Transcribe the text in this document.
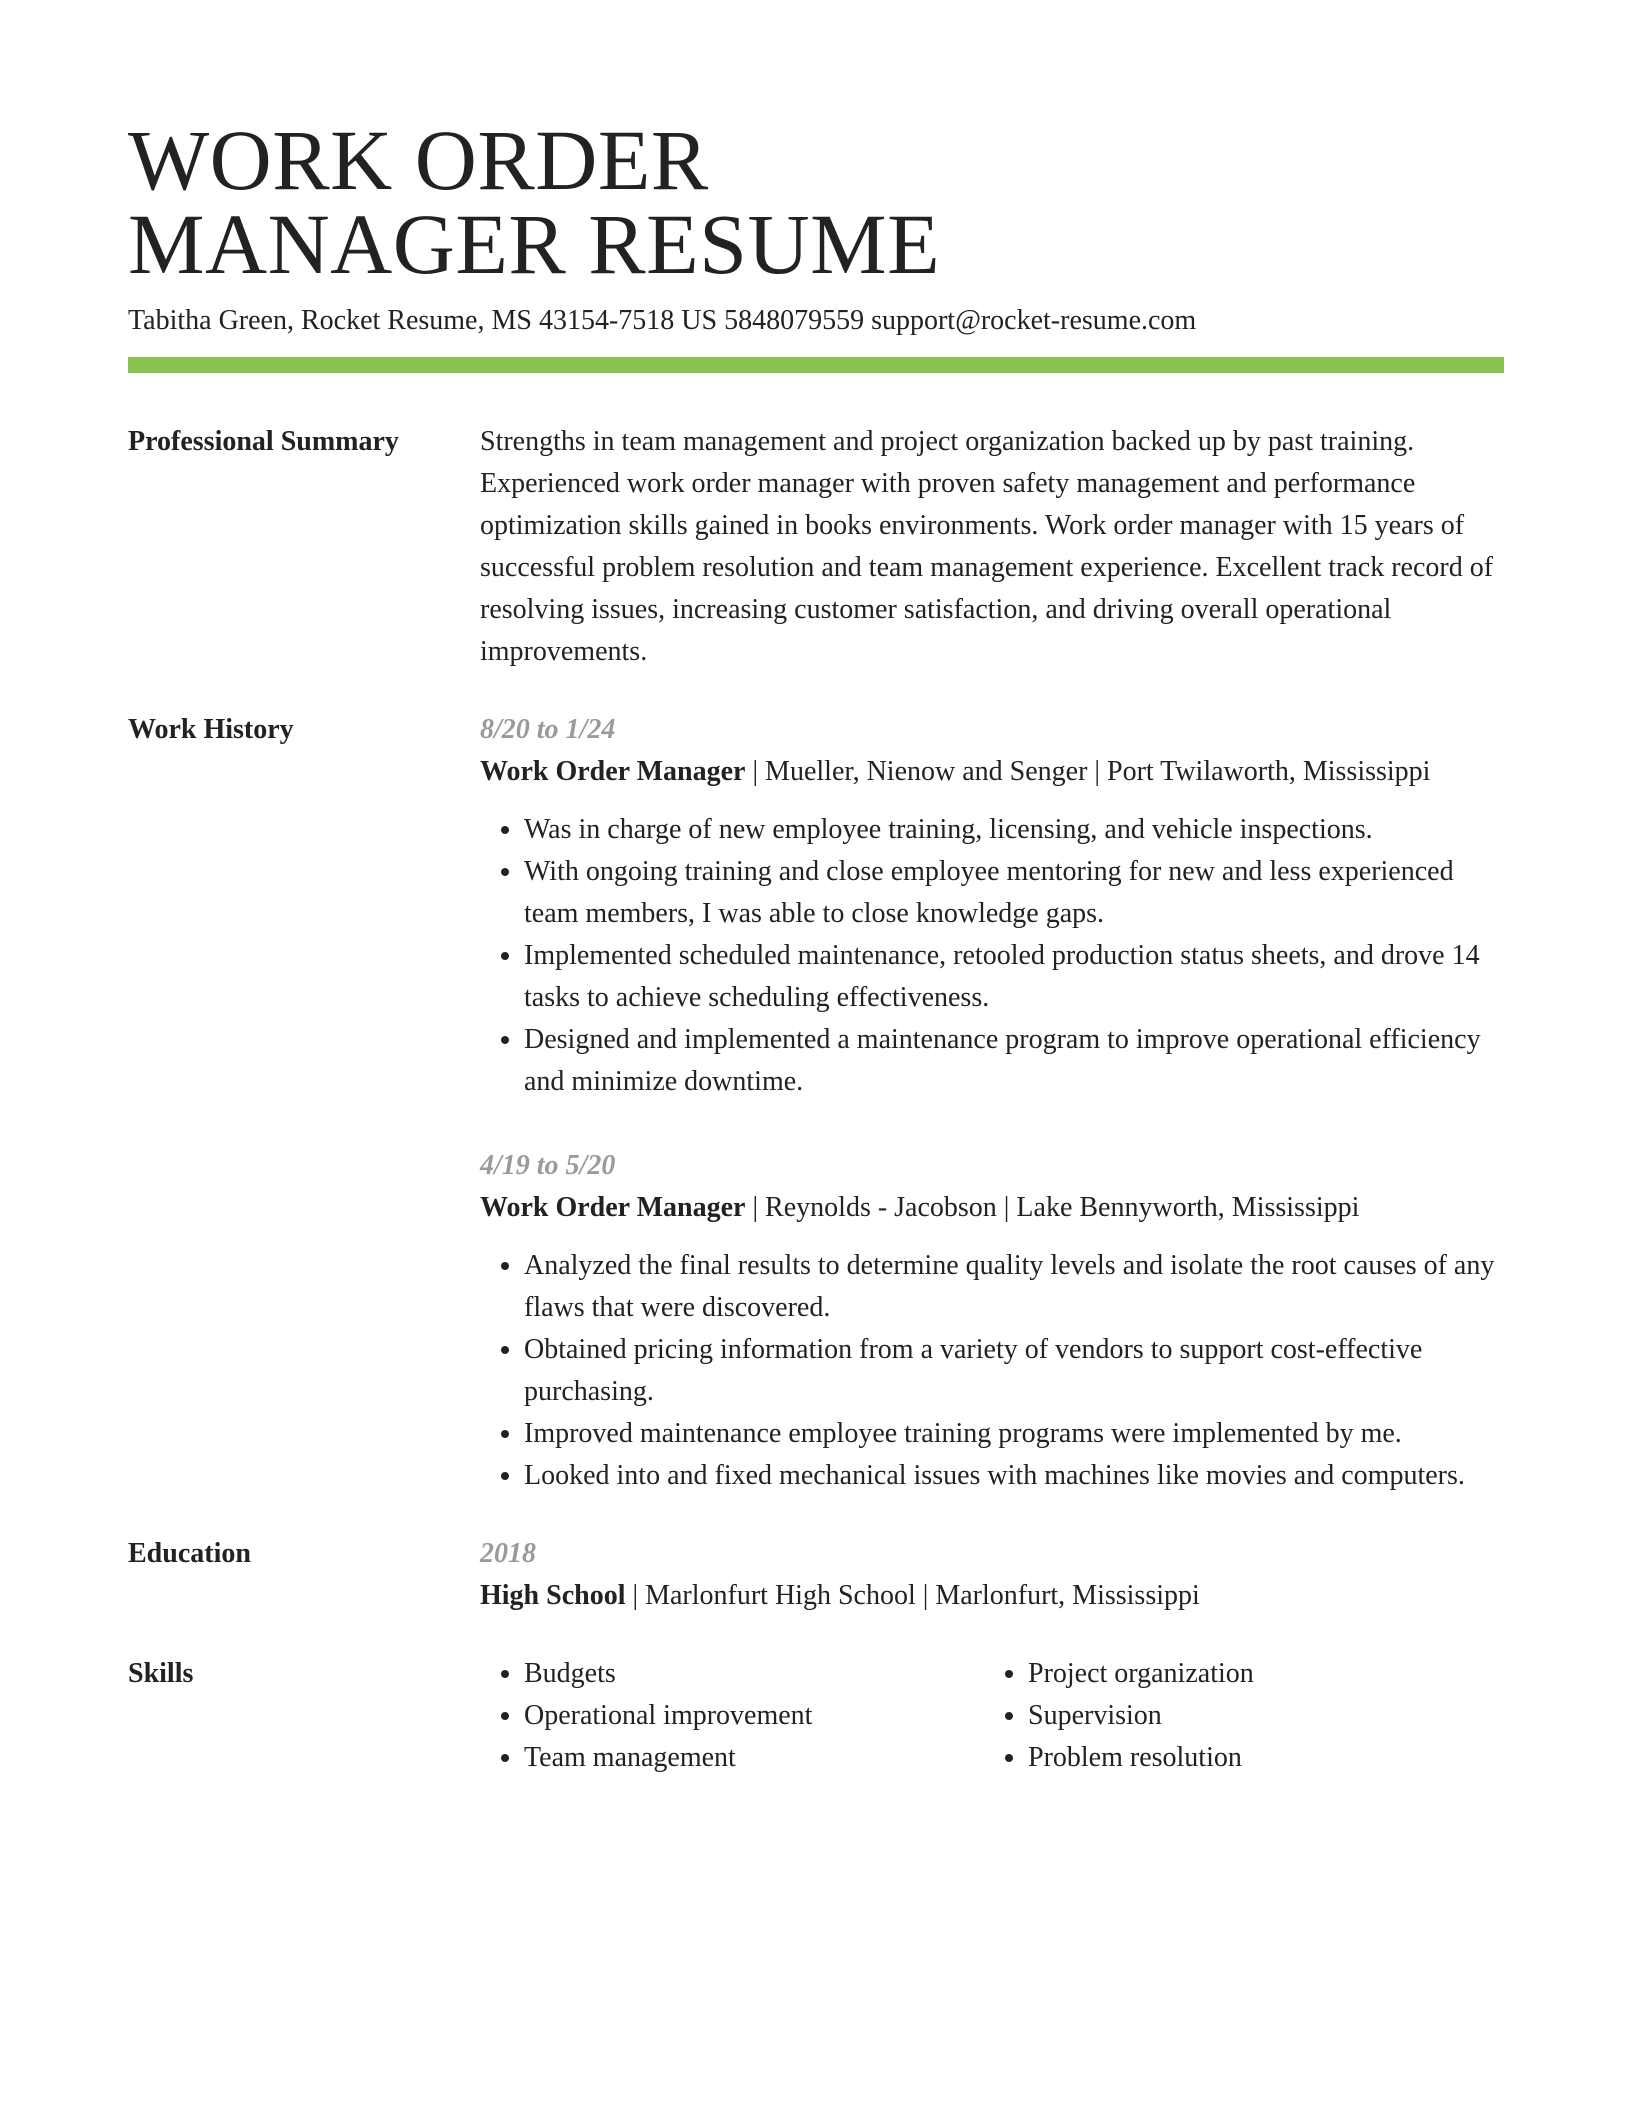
WORK ORDER
MANAGER RESUME
Tabitha Green, Rocket Resume, MS 43154-7518 US 5848079559 support@rocket-resume.com
Professional Summary	Strengths in team management and project organization backed up by past training. Experienced work order manager with proven safety management and performance optimization skills gained in books environments. Work order manager with 15 years of successful problem resolution and team management experience. Excellent track record of resolving issues, increasing customer satisfaction, and driving overall operational improvements.
Work History	8/20 to 1/24
Work Order Manager | Mueller, Nienow and Senger | Port Twilaworth, Mississippi
• Was in charge of new employee training, licensing, and vehicle inspections.
• With ongoing training and close employee mentoring for new and less experienced team members, I was able to close knowledge gaps.
• Implemented scheduled maintenance, retooled production status sheets, and drove 14 tasks to achieve scheduling effectiveness.
• Designed and implemented a maintenance program to improve operational efficiency and minimize downtime.
4/19 to 5/20
Work Order Manager | Reynolds - Jacobson | Lake Bennyworth, Mississippi
• Analyzed the final results to determine quality levels and isolate the root causes of any flaws that were discovered.
• Obtained pricing information from a variety of vendors to support cost-effective purchasing.
• Improved maintenance employee training programs were implemented by me.
• Looked into and fixed mechanical issues with machines like movies and computers.
Education	2018
High School | Marlonfurt High School | Marlonfurt, Mississippi
Skills
•	Budgets
• Operational improvement
• Team management
• Project organization
• Supervision
• Problem resolution
